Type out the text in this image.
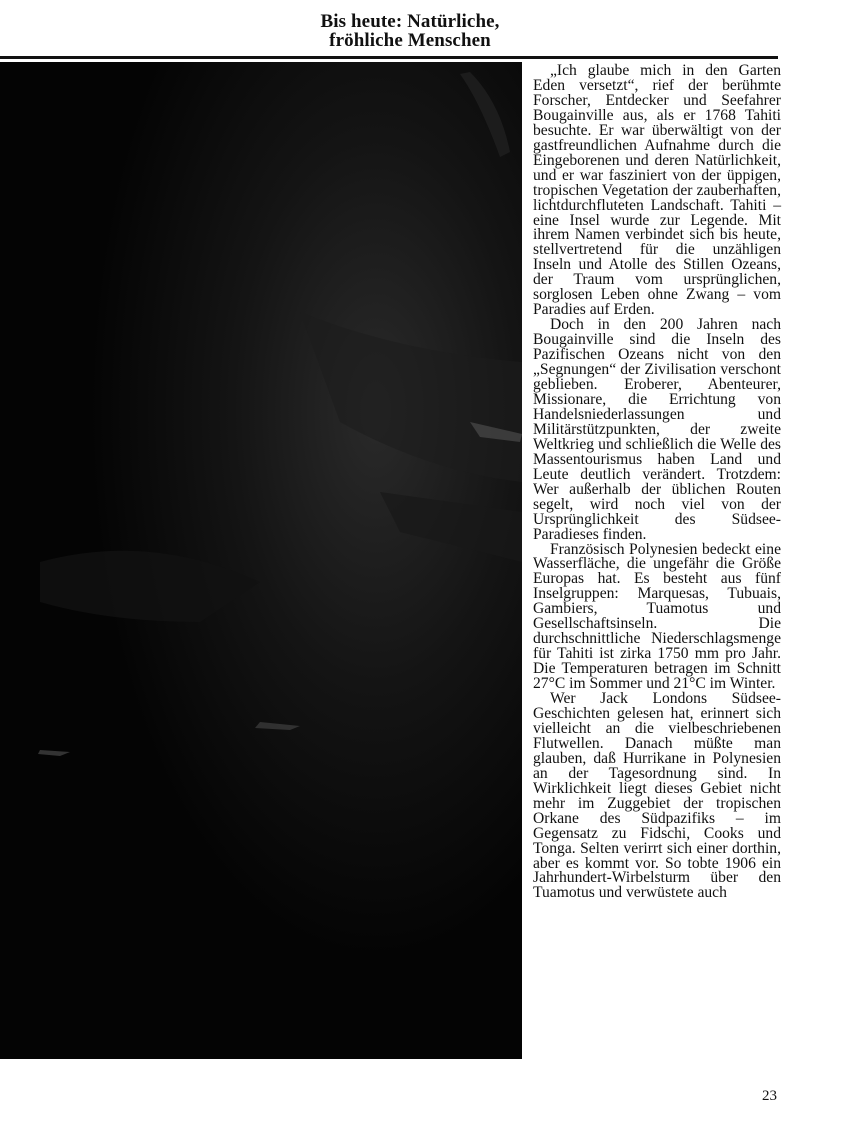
Bis heute: Natürliche,
fröhliche Menschen

„Ich glaube mich in den Garten Eden versetzt“, rief der berühmte Forscher, Entdecker und Seefahrer Bougainville aus, als er 1768 Tahiti besuchte. Er war überwältigt von der gastfreundlichen Aufnahme durch die Eingeborenen und deren Natürlichkeit, und er war fasziniert von der üppigen, tropischen Vegetation der zauberhaften, lichtdurchfluteten Landschaft. Tahiti – eine Insel wurde zur Legende. Mit ihrem Namen verbindet sich bis heute, stellvertretend für die unzähligen Inseln und Atolle des Stillen Ozeans, der Traum vom ursprünglichen, sorglosen Leben ohne Zwang – vom Paradies auf Erden.

Doch in den 200 Jahren nach Bougainville sind die Inseln des Pazifischen Ozeans nicht von den „Segnungen“ der Zivilisation verschont geblieben. Eroberer, Abenteurer, Missionare, die Errichtung von Handelsniederlassungen und Militärstützpunkten, der zweite Weltkrieg und schließlich die Welle des Massentourismus haben Land und Leute deutlich verändert. Trotzdem: Wer außerhalb der üblichen Routen segelt, wird noch viel von der Ursprünglichkeit des Südsee-Paradieses finden.

Französisch Polynesien bedeckt eine Wasserfläche, die ungefähr die Größe Europas hat. Es besteht aus fünf Inselgruppen: Marquesas, Tubuais, Gambiers, Tuamotus und Gesellschaftsinseln. Die durchschnittliche Niederschlagsmenge für Tahiti ist zirka 1750 mm pro Jahr. Die Temperaturen betragen im Schnitt 27°C im Sommer und 21°C im Winter.

Wer Jack Londons Südsee-Geschichten gelesen hat, erinnert sich vielleicht an die vielbeschriebenen Flutwellen. Danach müßte man glauben, daß Hurrikane in Polynesien an der Tagesordnung sind. In Wirklichkeit liegt dieses Gebiet nicht mehr im Zuggebiet der tropischen Orkane des Südpazifiks – im Gegensatz zu Fidschi, Cooks und Tonga. Selten verirrt sich einer dorthin, aber es kommt vor. So tobte 1906 ein Jahrhundert-Wirbelsturm über den Tuamotus und verwüstete auch

23
